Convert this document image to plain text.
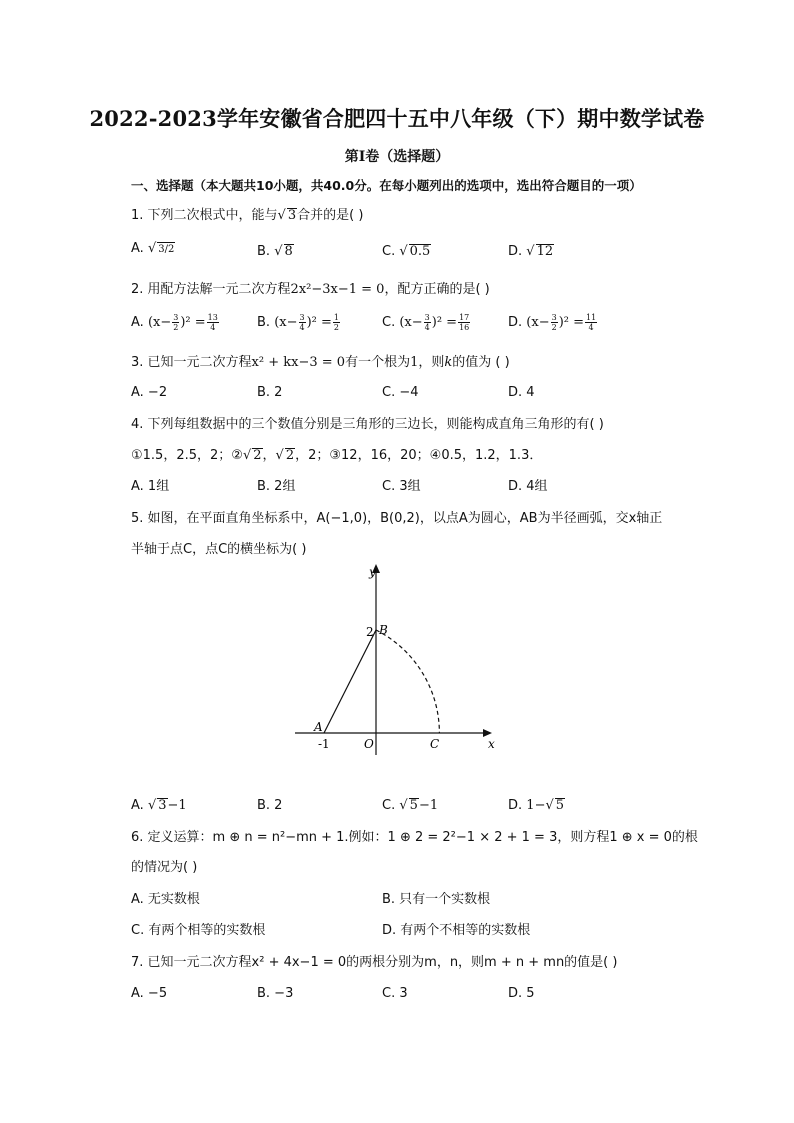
2022-2023学年安徽省合肥四十五中八年级（下）期中数学试卷
第Ⅰ卷（选择题）
一、选择题（本大题共10小题，共40.0分。在每小题列出的选项中，选出符合题目的一项）
1. 下列二次根式中，能与√ 3合并的是( )
A. √ 3/2	B. √ 8	C. √ 0.5	D. √ 12
2. 用配方法解一元二次方程2x²−3x−1 = 0，配方正确的是( )
A. $(x- \frac{3}{2} )^2 = \frac{13}{4}$	B. $(x- \frac{3}{4} )^2 = \frac{1}{2}$	C. $(x- \frac{3}{4} )^2 = \frac{17}{16}$	D. $(x- \frac{3}{2} )^2 = \frac{11}{4}$
3. 已知一元二次方程x² + kx−3 = 0有一个根为1，则k的值为 ( )
A. −2	B. 2	C. −4	D. 4
4. 下列每组数据中的三个数值分别是三角形的三边长，则能构成直角三角形的有( )
①1.5，2.5，2；②√ 2，√ 2，2；③12，16，20；④0.5，1.2，1.3．
A. 1组	B. 2组	C. 3组	D. 4组
5. 如图，在平面直角坐标系中，A(−1,0)，B(0,2)，以点A为圆心，AB为半径画弧，交x轴正
半轴于点C，点C的横坐标为( )
y
x
2 B
A
-1	O	C
A. √ 3−1	B. 2	C. √ 5−1	D. 1−√ 5
6. 定义运算：m ⊕ n = n²−mn + 1.例如：1 ⊕ 2 = 2²−1 × 2 + 1 = 3，则方程1 ⊕ x = 0的根
的情况为( )
A. 无实数根	B. 只有一个实数根
C. 有两个相等的实数根	D. 有两个不相等的实数根
7. 已知一元二次方程x² + 4x−1 = 0的两根分别为m，n，则m + n + mn的值是( )
A. −5	B. −3	C. 3	D. 5
